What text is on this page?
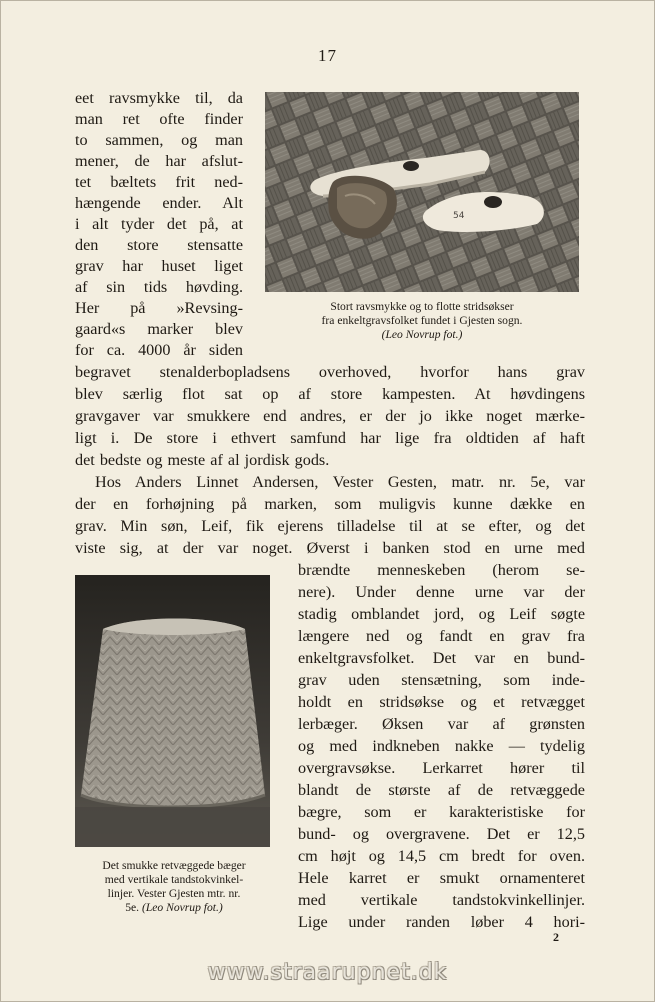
17
eet ravsmykke til, da
man ret ofte finder
to sammen, og man
mener, de har afslut-
tet bæltets frit ned-
hængende ender. Alt
i alt tyder det på, at
den store stensatte
grav har huset liget
af sin tids høvding.
Her på »Revsing-
gaard«s marker blev
for ca. 4000 år siden
54
Stort ravsmykke og to flotte stridsøkser
fra enkeltgravsfolket fundet i Gjesten sogn.
(Leo Novrup fot.)
begravet stenalderbopladsens overhoved, hvorfor hans grav
blev særlig flot sat op af store kampesten. At høvdingens
gravgaver var smukkere end andres, er der jo ikke noget mærke-
ligt i. De store i ethvert samfund har lige fra oldtiden af haft
det bedste og meste af al jordisk gods.
Hos Anders Linnet Andersen, Vester Gesten, matr. nr. 5e, var
der en forhøjning på marken, som muligvis kunne dække en
grav. Min søn, Leif, fik ejerens tilladelse til at se efter, og det
viste sig, at der var noget. Øverst i banken stod en urne med
Det smukke retvæggede bæger
med vertikale tandstokvinkel-
linjer. Vester Gjesten mtr. nr.
5e. (Leo Novrup fot.)
brændte menneskeben (herom se-
nere). Under denne urne var der
stadig omblandet jord, og Leif søgte
længere ned og fandt en grav fra
enkeltgravsfolket. Det var en bund-
grav uden stensætning, som inde-
holdt en stridsøkse og et retvægget
lerbæger. Øksen var af grønsten
og med indkneben nakke — tydelig
overgravsøkse. Lerkarret hører til
blandt de største af de retvæggede
bægre, som er karakteristiske for
bund- og overgravene. Det er 12,5
cm højt og 14,5 cm bredt for oven.
Hele karret er smukt ornamenteret
med vertikale tandstokvinkellinjer.
Lige under randen løber 4 hori-
2
www.straarupnet.dk
